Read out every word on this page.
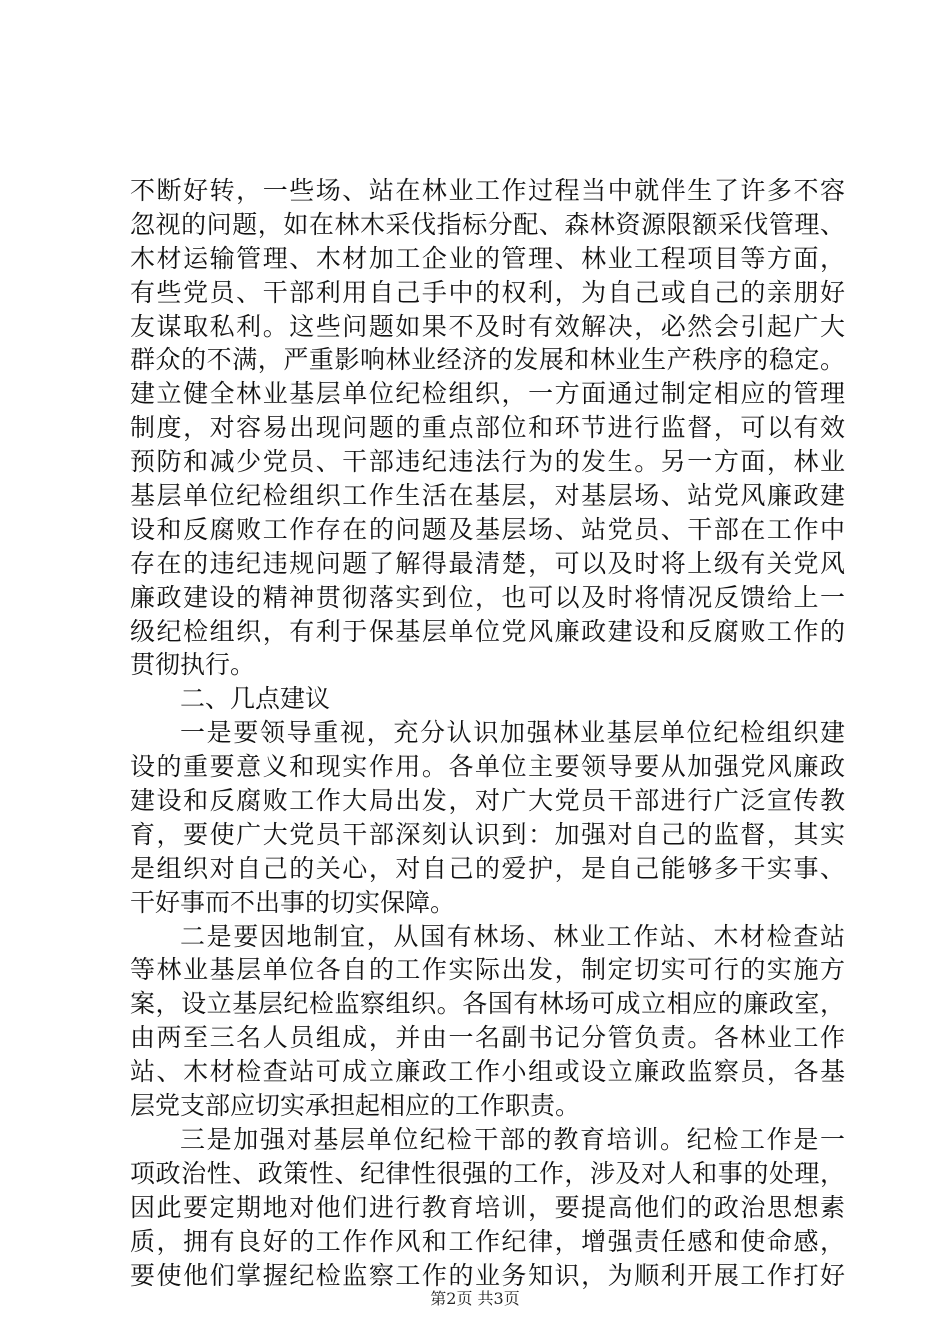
不断好转，一些场、站在林业工作过程当中就伴生了许多不容
忽视的问题，如在林木采伐指标分配、森林资源限额采伐管理、
木材运输管理、木材加工企业的管理、林业工程项目等方面，
有些党员、干部利用自己手中的权利，为自己或自己的亲朋好
友谋取私利。这些问题如果不及时有效解决，必然会引起广大
群众的不满，严重影响林业经济的发展和林业生产秩序的稳定。
建立健全林业基层单位纪检组织，一方面通过制定相应的管理
制度，对容易出现问题的重点部位和环节进行监督，可以有效
预防和减少党员、干部违纪违法行为的发生。另一方面，林业
基层单位纪检组织工作生活在基层，对基层场、站党风廉政建
设和反腐败工作存在的问题及基层场、站党员、干部在工作中
存在的违纪违规问题了解得最清楚，可以及时将上级有关党风
廉政建设的精神贯彻落实到位，也可以及时将情况反馈给上一
级纪检组织，有利于保基层单位党风廉政建设和反腐败工作的
贯彻执行。
二、几点建议
一是要领导重视，充分认识加强林业基层单位纪检组织建
设的重要意义和现实作用。各单位主要领导要从加强党风廉政
建设和反腐败工作大局出发，对广大党员干部进行广泛宣传教
育，要使广大党员干部深刻认识到：加强对自己的监督，其实
是组织对自己的关心，对自己的爱护，是自己能够多干实事、
干好事而不出事的切实保障。
二是要因地制宜，从国有林场、林业工作站、木材检查站
等林业基层单位各自的工作实际出发，制定切实可行的实施方
案，设立基层纪检监察组织。各国有林场可成立相应的廉政室，
由两至三名人员组成，并由一名副书记分管负责。各林业工作
站、木材检查站可成立廉政工作小组或设立廉政监察员，各基
层党支部应切实承担起相应的工作职责。
三是加强对基层单位纪检干部的教育培训。纪检工作是一
项政治性、政策性、纪律性很强的工作，涉及对人和事的处理，
因此要定期地对他们进行教育培训，要提高他们的政治思想素
质，拥有良好的工作作风和工作纪律，增强责任感和使命感，
要使他们掌握纪检监察工作的业务知识，为顺利开展工作打好
第2页 共3页
